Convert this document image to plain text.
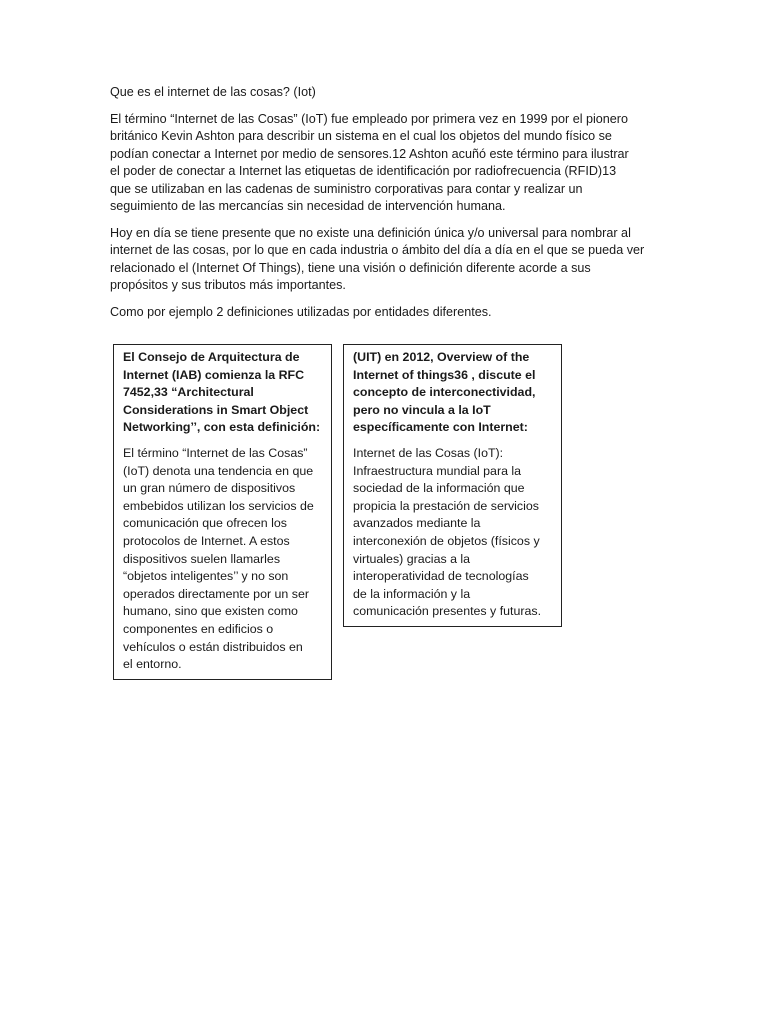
Que es el internet de las cosas? (Iot)
El término “Internet de las Cosas” (IoT) fue empleado por primera vez en 1999 por el pionero
británico Kevin Ashton para describir un sistema en el cual los objetos del mundo físico se
podían conectar a Internet por medio de sensores.12 Ashton acuñó este término para ilustrar
el poder de conectar a Internet las etiquetas de identificación por radiofrecuencia (RFID)13
que se utilizaban en las cadenas de suministro corporativas para contar y realizar un
seguimiento de las mercancías sin necesidad de intervención humana.
Hoy en día se tiene presente que no existe una definición única y/o universal para nombrar al
internet de las cosas, por lo que en cada industria o ámbito del día a día en el que se pueda ver
relacionado el (Internet Of Things), tiene una visión o definición diferente acorde a sus
propósitos y sus tributos más importantes.
Como por ejemplo 2 definiciones utilizadas por entidades diferentes.
El Consejo de Arquitectura de
Internet (IAB) comienza la RFC
7452,33 “Architectural
Considerations in Smart Object
Networking’’, con esta definición:
El término “Internet de las Cosas”
(IoT) denota una tendencia en que
un gran número de dispositivos
embebidos utilizan los servicios de
comunicación que ofrecen los
protocolos de Internet. A estos
dispositivos suelen llamarles
“objetos inteligentes’’ y no son
operados directamente por un ser
humano, sino que existen como
componentes en edificios o
vehículos o están distribuidos en
el entorno.
(UIT) en 2012, Overview of the
Internet of things36 , discute el
concepto de interconectividad,
pero no vincula a la IoT
específicamente con Internet:
Internet de las Cosas (IoT):
Infraestructura mundial para la
sociedad de la información que
propicia la prestación de servicios
avanzados mediante la
interconexión de objetos (físicos y
virtuales) gracias a la
interoperatividad de tecnologías
de la información y la
comunicación presentes y futuras.
